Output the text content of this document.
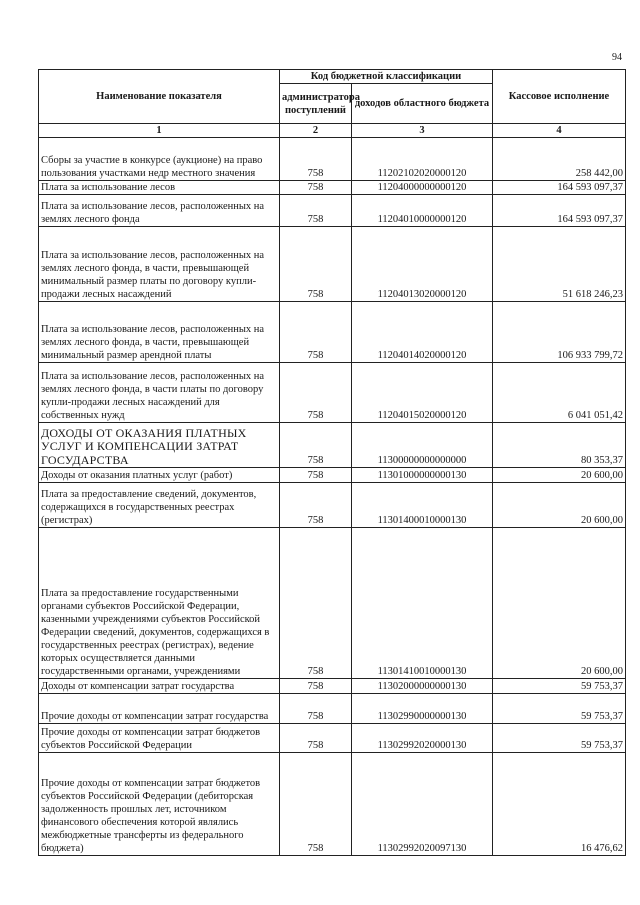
94
Наименование показателя	Код бюджетной классификации		Кассовое исполнение
	администратора поступлений	доходов областного бюджета	
1	2	3	4
Сборы за участие в конкурсе (аукционе) на право пользования участками недр местного значения	758	11202102020000120	258 442,00
Плата за использование лесов	758	11204000000000120	164 593 097,37
Плата за использование лесов, расположенных на землях лесного фонда	758	11204010000000120	164 593 097,37
Плата за использование лесов, расположенных на землях лесного фонда, в части, превышающей минимальный размер платы по договору купли-продажи лесных насаждений	758	11204013020000120	51 618 246,23
Плата за использование лесов, расположенных на землях лесного фонда, в части, превышающей минимальный размер арендной платы	758	11204014020000120	106 933 799,72
Плата за использование лесов, расположенных на землях лесного фонда, в части платы по договору купли-продажи лесных насаждений для собственных нужд	758	11204015020000120	6 041 051,42
ДОХОДЫ ОТ ОКАЗАНИЯ ПЛАТНЫХ УСЛУГ И КОМПЕНСАЦИИ ЗАТРАТ ГОСУДАРСТВА	758	11300000000000000	80 353,37
Доходы от оказания платных услуг (работ)	758	11301000000000130	20 600,00
Плата за предоставление сведений, документов, содержащихся в государственных реестрах (регистрах)	758	11301400010000130	20 600,00
Плата за предоставление государственными органами субъектов Российской Федерации, казенными учреждениями субъектов Российской Федерации сведений, документов, содержащихся в государственных реестрах (регистрах), ведение которых осуществляется данными государственными органами, учреждениями	758	11301410010000130	20 600,00
Доходы от компенсации затрат государства	758	11302000000000130	59 753,37
Прочие доходы от компенсации затрат государства	758	11302990000000130	59 753,37
Прочие доходы от компенсации затрат бюджетов субъектов Российской Федерации	758	11302992020000130	59 753,37
Прочие доходы от компенсации затрат бюджетов субъектов Российской Федерации (дебиторская задолженность прошлых лет, источником финансового обеспечения которой являлись межбюджетные трансферты из федерального бюджета)	758	11302992020097130	16 476,62
